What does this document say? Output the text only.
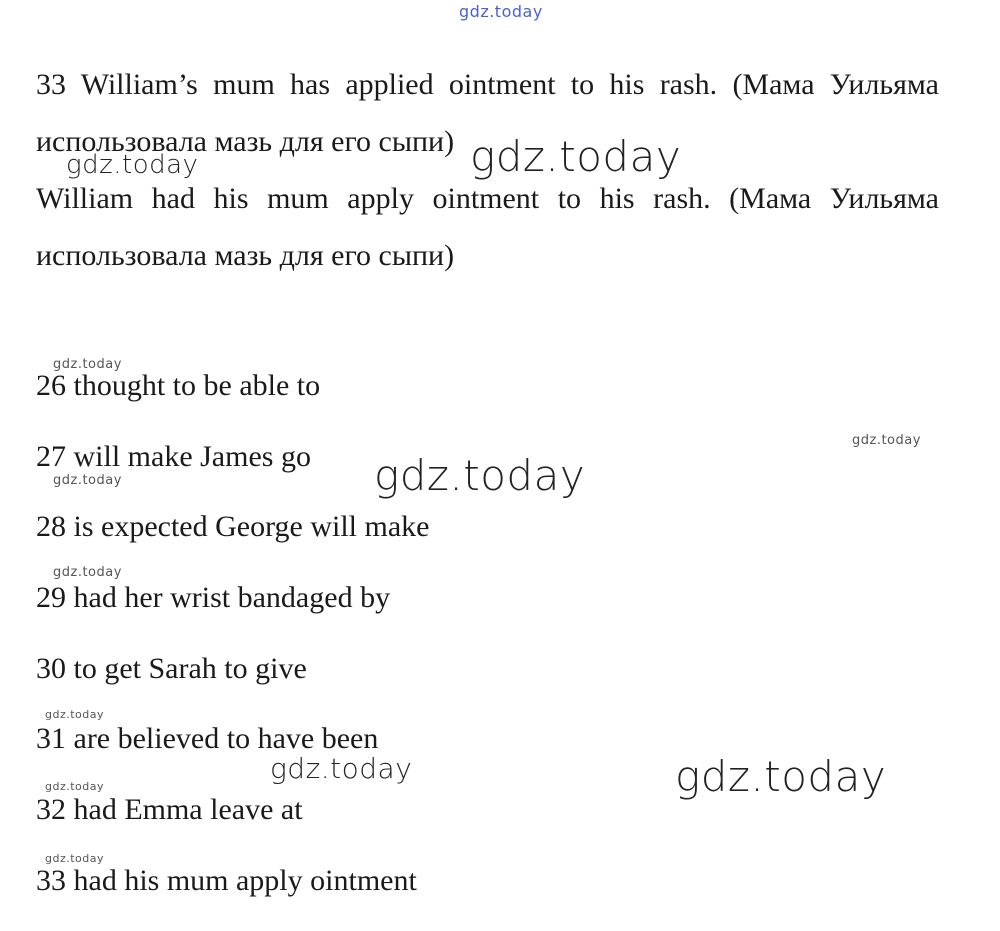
33 William’s mum has applied ointment to his rash. (Мама Уильяма использовала мазь для его сыпи)
William had his mum apply ointment to his rash. (Мама Уильяма использовала мазь для его сыпи)
26 thought to be able to
27 will make James go
28 is expected George will make
29 had her wrist bandaged by
30 to get Sarah to give
31 are believed to have been
32 had Emma leave at
33 had his mum apply ointment
gdz.today
gdz.today	gdz.today
gdz.today
gdz.today
gdz.today	gdz.today
gdz.today
gdz.today
gdz.today	gdz.today
gdz.today
gdz.today
